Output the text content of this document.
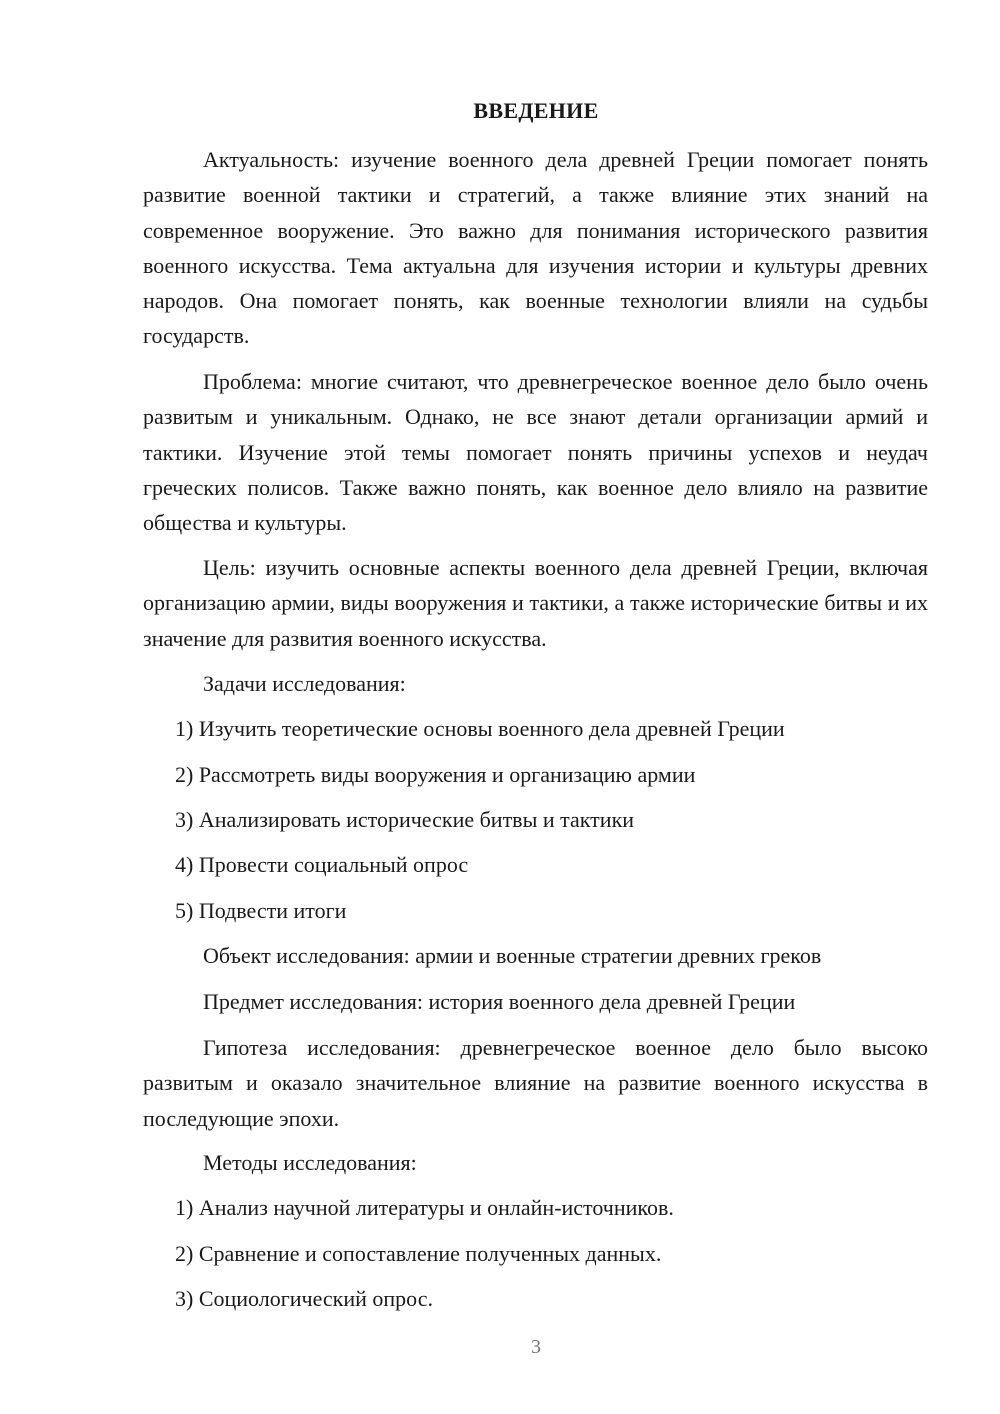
ВВЕДЕНИЕ

Актуальность: изучение военного дела древней Греции помогает понять развитие военной тактики и стратегий, а также влияние этих знаний на современное вооружение. Это важно для понимания исторического развития военного искусства. Тема актуальна для изучения истории и культуры древних народов. Она помогает понять, как военные технологии влияли на судьбы государств.

Проблема: многие считают, что древнегреческое военное дело было очень развитым и уникальным. Однако, не все знают детали организации армий и тактики. Изучение этой темы помогает понять причины успехов и неудач греческих полисов. Также важно понять, как военное дело влияло на развитие общества и культуры.

Цель: изучить основные аспекты военного дела древней Греции, включая организацию армии, виды вооружения и тактики, а также исторические битвы и их значение для развития военного искусства.

Задачи исследования:

1) Изучить теоретические основы военного дела древней Греции

2) Рассмотреть виды вооружения и организацию армии

3) Анализировать исторические битвы и тактики

4) Провести социальный опрос

5) Подвести итоги

Объект исследования: армии и военные стратегии древних греков

Предмет исследования: история военного дела древней Греции

Гипотеза исследования: древнегреческое военное дело было высоко развитым и оказало значительное влияние на развитие военного искусства в последующие эпохи.

Методы исследования:

1) Анализ научной литературы и онлайн-источников.

2) Сравнение и сопоставление полученных данных.

3) Социологический опрос.

3
